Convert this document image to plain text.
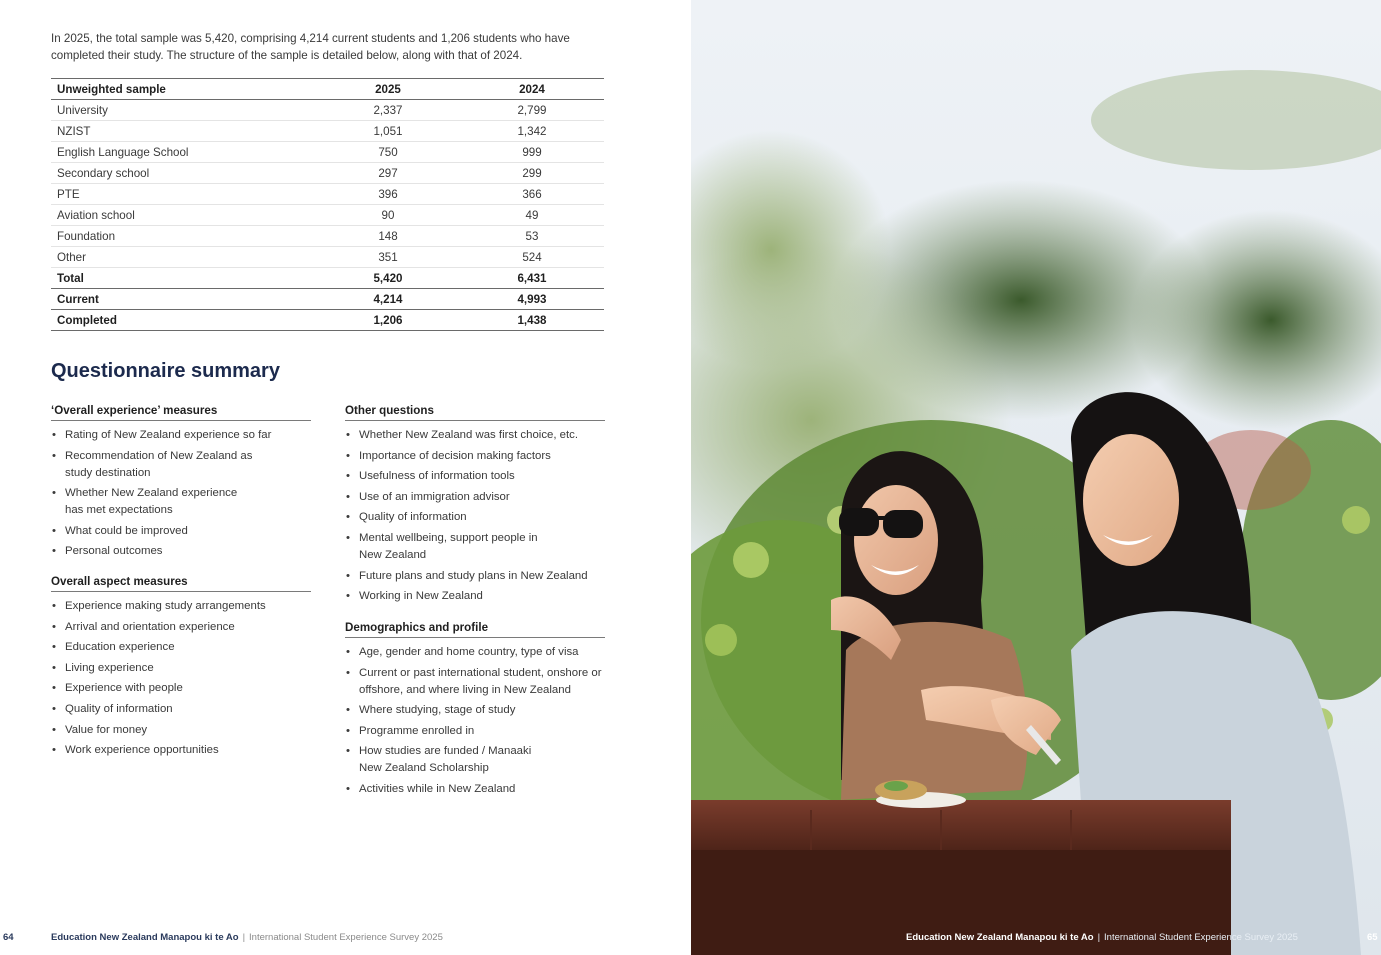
In 2025, the total sample was 5,420, comprising 4,214 current students and 1,206 students who have completed their study. The structure of the sample is detailed below, along with that of 2024.

Unweighted sample	2025	2024
University	2,337	2,799
NZIST	1,051	1,342
English Language School	750	999
Secondary school	297	299
PTE	396	366
Aviation school	90	49
Foundation	148	53
Other	351	524
Total	5,420	6,431
Current	4,214	4,993
Completed	1,206	1,438
Questionnaire summary
‘Overall experience’ measures
• Rating of New Zealand experience so far
• Recommendation of New Zealand as study destination
• Whether New Zealand experience has met expectations
• What could be improved
• Personal outcomes
Overall aspect measures
• Experience making study arrangements
• Arrival and orientation experience
• Education experience
• Living experience
• Experience with people
• Quality of information
• Value for money
• Work experience opportunities
Other questions
• Whether New Zealand was first choice, etc.
• Importance of decision making factors
• Usefulness of information tools
• Use of an immigration advisor
• Quality of information
• Mental wellbeing, support people in New Zealand
• Future plans and study plans in New Zealand
• Working in New Zealand
Demographics and profile
• Age, gender and home country, type of visa
• Current or past international student, onshore or offshore, and where living in New Zealand
• Where studying, stage of study
• Programme enrolled in
• How studies are funded / Manaaki New Zealand Scholarship
• Activities while in New Zealand
64	Education New Zealand Manapou ki te Ao | International Student Experience Survey 2025	Education New Zealand Manapou ki te Ao | International Student Experience Survey 2025	65
